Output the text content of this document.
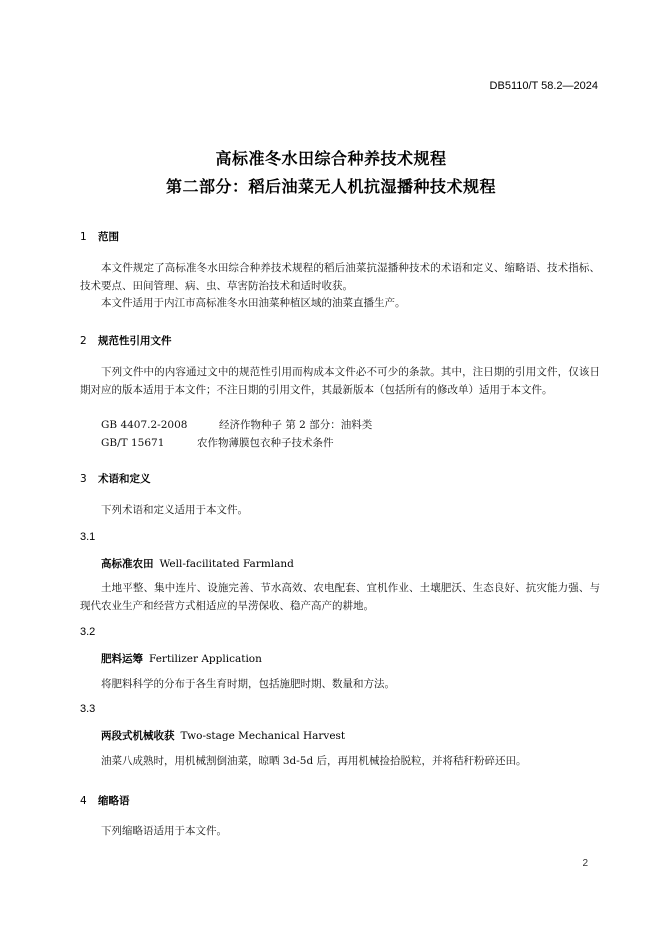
DB5110/T 58.2—2024
高标准冬水田综合种养技术规程
第二部分：稻后油菜无人机抗湿播种技术规程
1 范围
本文件规定了高标准冬水田综合种养技术规程的稻后油菜抗湿播种技术的术语和定义、缩略语、技术指标、技术要点、田间管理、病、虫、草害防治技术和适时收获。
本文件适用于内江市高标准冬水田油菜种植区域的油菜直播生产。
2 规范性引用文件
下列文件中的内容通过文中的规范性引用而构成本文件必不可少的条款。其中，注日期的引用文件，仅该日期对应的版本适用于本文件；不注日期的引用文件，其最新版本（包括所有的修改单）适用于本文件。
GB 4407.2-2008	经济作物种子 第 2 部分：油料类
GB/T 15671	农作物薄膜包衣种子技术条件
3 术语和定义
下列术语和定义适用于本文件。
3.1
高标准农田 Well-facilitated Farmland
土地平整、集中连片、设施完善、节水高效、农电配套、宜机作业、土壤肥沃、生态良好、抗灾能力强、与现代农业生产和经营方式相适应的旱涝保收、稳产高产的耕地。
3.2
肥料运筹 Fertilizer Application
将肥料科学的分布于各生育时期，包括施肥时期、数量和方法。
3.3
两段式机械收获 Two-stage Mechanical Harvest
油菜八成熟时，用机械割倒油菜，晾晒 3d-5d 后，再用机械捡拾脱粒，并将秸秆粉碎还田。
4 缩略语
下列缩略语适用于本文件。
2
